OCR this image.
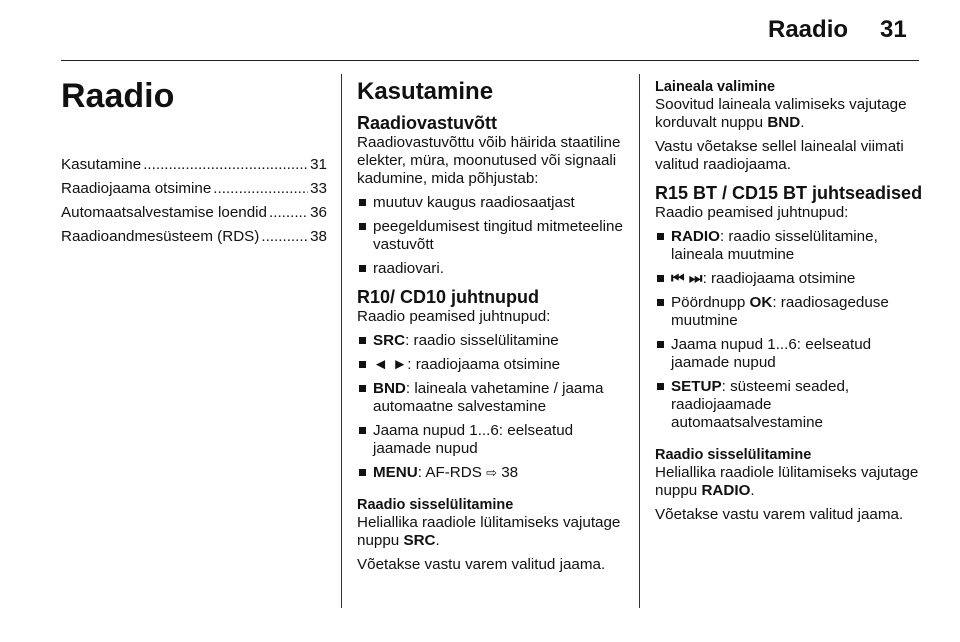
Raadio 31
Raadio
Kasutamine .....	31
Raadiojaama otsimine .....	33
Automaatsalvestamise loendid .....	36
Raadioandmesüsteem (RDS) .....	38
Kasutamine
Raadiovastuvõtt

Raadiovastuvõttu võib häirida staatiline elekter, müra, moonutused või signaali kadumine, mida põhjustab:

muutuv kaugus raadiosaatjast
peegeldumisest tingitud mitmeteeline vastuvõtt
raadiovari.
R10/ CD10 juhtnupud

Raadio peamised juhtnupud:

SRC: raadio sisselülitamine
◄ ►: raadiojaama otsimine
BND: laineala vahetamine / jaama automaatne salvestamine
Jaama nupud 1...6: eelseatud jaamade nupud
MENU: AF-RDS ⇨ 38
Raadio sisselülitamine

Heliallika raadiole lülitamiseks vajutage nuppu SRC.

Võetakse vastu varem valitud jaama.

Laineala valimine

Soovitud laineala valimiseks vajutage korduvalt nuppu BND.

Vastu võetakse sellel lainealal viimati valitud raadiojaama.

R15 BT / CD15 BT juhtseadised

Raadio peamised juhtnupud:

RADIO: raadio sisselülitamine, laineala muutmine
⏮ ⏭: raadiojaama otsimine
Pöördnupp OK: raadiosageduse muutmine
Jaama nupud 1...6: eelseatud jaamade nupud
SETUP: süsteemi seaded, raadiojaamade automaatsalvestamine
Raadio sisselülitamine

Heliallika raadiole lülitamiseks vajutage nuppu RADIO.

Võetakse vastu varem valitud jaama.
